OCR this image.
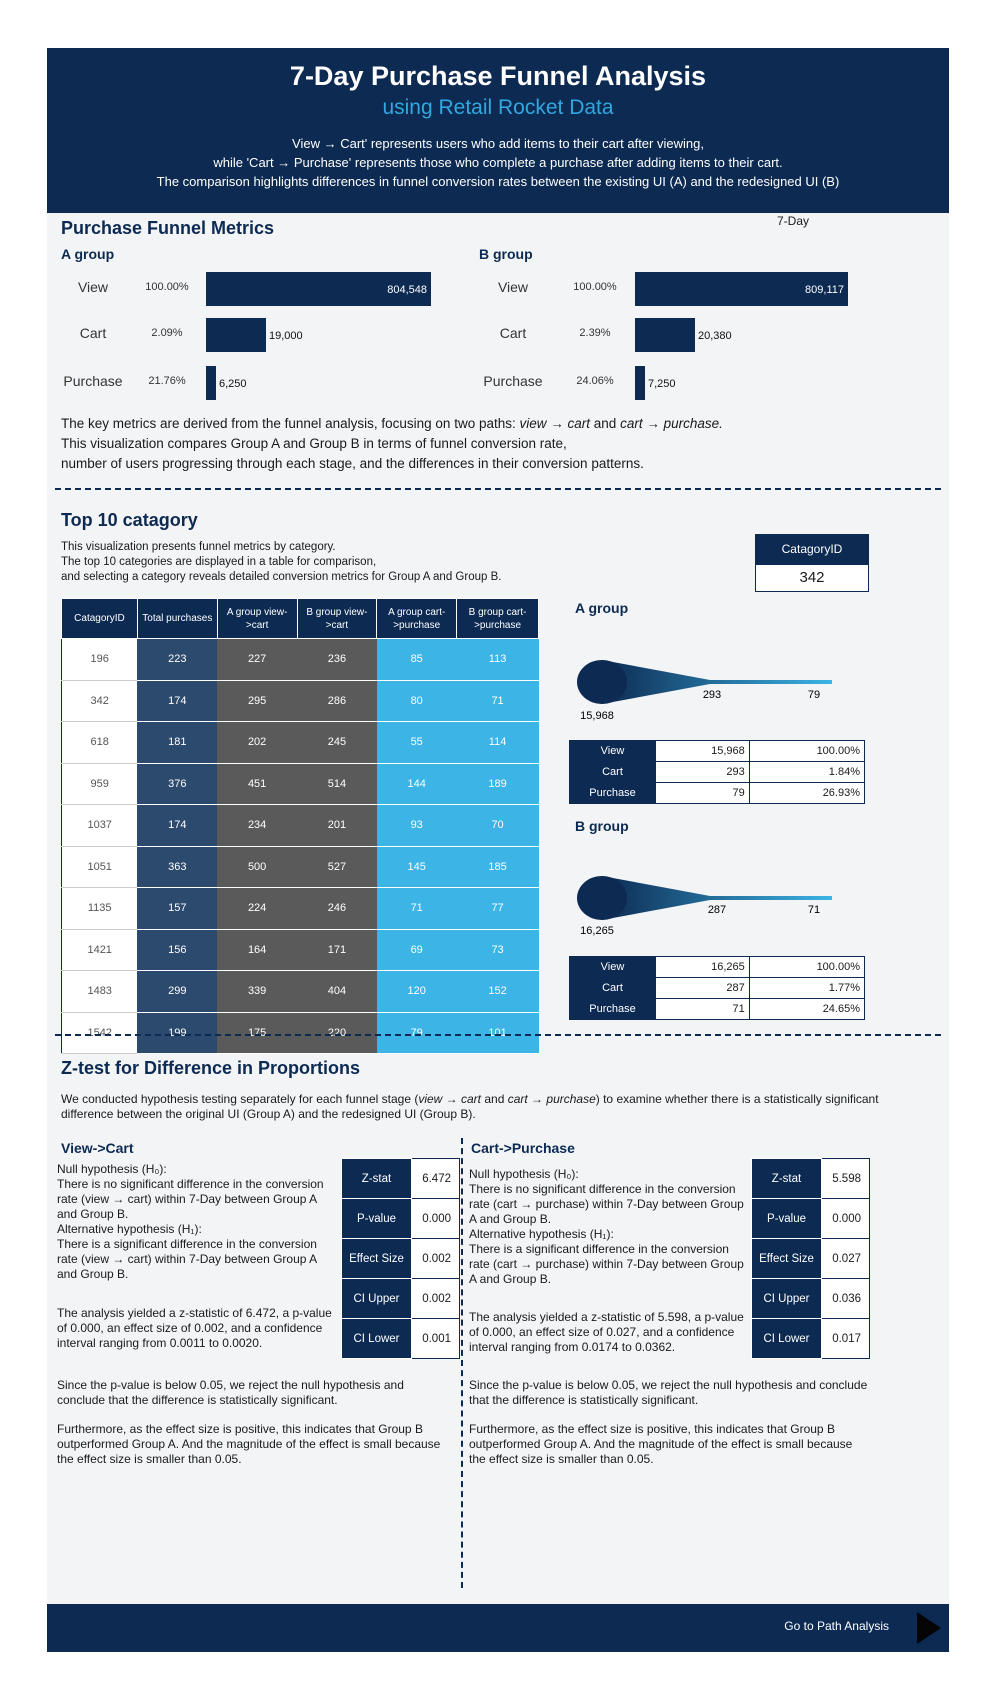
7-Day Purchase Funnel Analysis
using Retail Rocket Data
View → Cart' represents users who add items to their cart after viewing,
while 'Cart → Purchase' represents those who complete a purchase after adding items to their cart.
The comparison highlights differences in funnel conversion rates between the existing UI (A) and the redesigned UI (B)
Purchase Funnel Metrics	7-Day
A group	B group
View	100.00%	804,548
Cart	2.09%	19,000
Purchase 21.76%	6,250
View	100.00%	809,117
Cart	2.39%	20,380
Purchase	24.06%	7,250
The key metrics are derived from the funnel analysis, focusing on two paths: view → cart and cart → purchase.
This visualization compares Group A and Group B in terms of funnel conversion rate,
number of users progressing through each stage, and the differences in their conversion patterns.
Top 10 catagory
This visualization presents funnel metrics by category.
The top 10 categories are displayed in a table for comparison,
and selecting a category reveals detailed conversion metrics for Group A and Group B.
CatagoryID
342
CatagoryID	Total purchases	A group view->cart	B group view->cart	A group cart->purchase	B group cart->purchase
196	223	227	236	85	113
342	174	295	286	80	71
618	181	202	245	55	114
959	376	451	514	144	189
1037	174	234	201	93	70
1051	363	500	527	145	185
1135	157	224	246	71	77
1421	156	164	171	69	73
1483	299	339	404	120	152
1542	199	175	220	79	101
A group
15,968
293	79
View	15,968	100.00%
Cart	293	1.84%
Purchase	79	26.93%
B group
16,265
287	71
View	16,265	100.00%
Cart	287	1.77%
Purchase	71	24.65%
Z-test for Difference in Proportions
We conducted hypothesis testing separately for each funnel stage (view → cart and cart → purchase) to examine whether there is a statistically significant
difference between the original UI (Group A) and the redesigned UI (Group B).
View->Cart
Null hypothesis (H₀):
There is no significant difference in the conversion rate (view → cart) within 7-Day between Group A and Group B.
Alternative hypothesis (H₁):
There is a significant difference in the conversion rate (view → cart) within 7-Day between Group A and Group B.
The analysis yielded a z-statistic of 6.472, a p-value of 0.000, an effect size of 0.002, and a confidence interval ranging from 0.0011 to 0.0020.
Z-stat	6.472
P-value	0.000
Effect Size	0.002
CI Upper	0.002
CI Lower	0.001
Since the p-value is below 0.05, we reject the null hypothesis and conclude that the difference is statistically significant.
Furthermore, as the effect size is positive, this indicates that Group B outperformed Group A. And the magnitude of the effect is small because the effect size is smaller than 0.05.
Cart->Purchase
Null hypothesis (H₀):
There is no significant difference in the conversion rate (cart → purchase) within 7-Day between Group A and Group B.
Alternative hypothesis (H₁):
There is a significant difference in the conversion rate (cart → purchase) within 7-Day between Group A and Group B.
The analysis yielded a z-statistic of 5.598, a p-value of 0.000, an effect size of 0.027, and a confidence interval ranging from 0.0174 to 0.0362.
Z-stat	5.598
P-value	0.000
Effect Size	0.027
CI Upper	0.036
CI Lower	0.017
Since the p-value is below 0.05, we reject the null hypothesis and conclude that the difference is statistically significant.
Furthermore, as the effect size is positive, this indicates that Group B outperformed Group A. And the magnitude of the effect is small because the effect size is smaller than 0.05.
Go to Path Analysis
